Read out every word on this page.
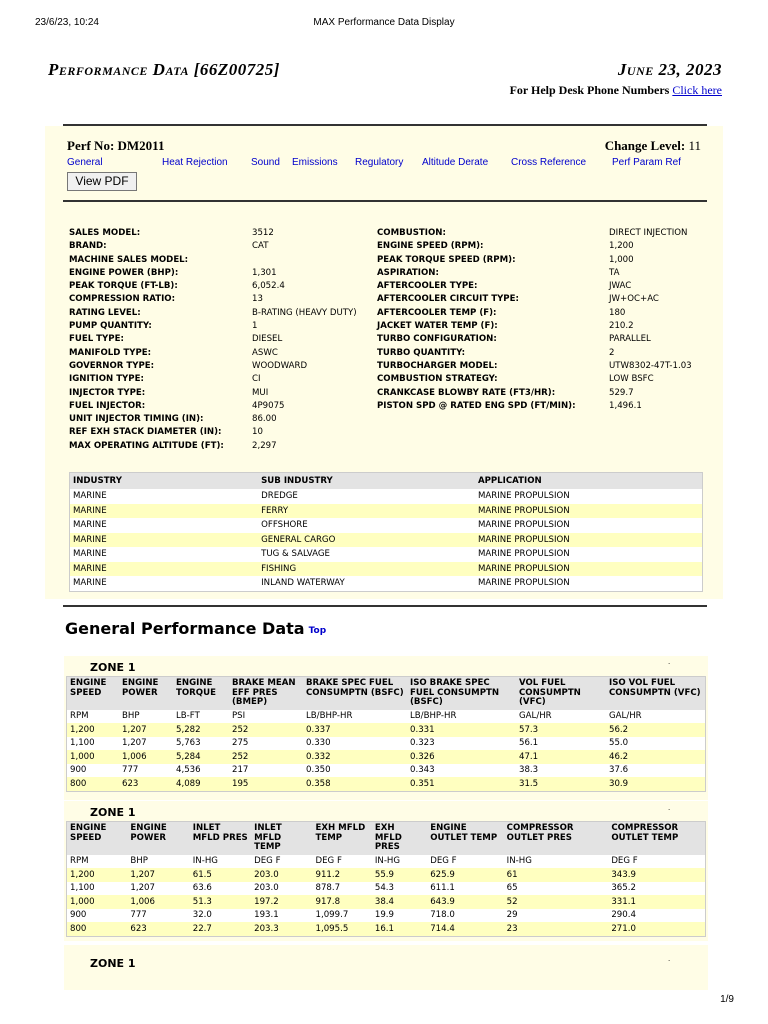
23/6/23, 10:24	MAX Performance Data Display
1/9
Performance Data [66Z00725]	June 23, 2023
For Help Desk Phone Numbers Click here
Perf No: DM2011	Change Level: 11
General	Heat Rejection Sound Emissions Regulatory Altitude Derate Cross Reference	Perf Param Ref
View PDF
SALES MODEL:	3512
BRAND:	CAT
MACHINE SALES MODEL:
ENGINE POWER (BHP):	1,301
PEAK TORQUE (FT-LB):	6,052.4
COMPRESSION RATIO:	13
RATING LEVEL:	B-RATING (HEAVY DUTY)
PUMP QUANTITY:	1
FUEL TYPE:	DIESEL
MANIFOLD TYPE:	ASWC
GOVERNOR TYPE:	WOODWARD
IGNITION TYPE:	CI
INJECTOR TYPE:	MUI
FUEL INJECTOR:	4P9075
UNIT INJECTOR TIMING (IN):	86.00
REF EXH STACK DIAMETER (IN):	10
MAX OPERATING ALTITUDE (FT):	2,297
COMBUSTION:	DIRECT INJECTION
ENGINE SPEED (RPM):	1,200
PEAK TORQUE SPEED (RPM):	1,000
ASPIRATION:	TA
AFTERCOOLER TYPE:	JWAC
AFTERCOOLER CIRCUIT TYPE:	JW+OC+AC
AFTERCOOLER TEMP (F):	180
JACKET WATER TEMP (F):	210.2
TURBO CONFIGURATION:	PARALLEL
TURBO QUANTITY:	2
TURBOCHARGER MODEL:	UTW8302-47T-1.03
COMBUSTION STRATEGY:	LOW BSFC
CRANKCASE BLOWBY RATE (FT3/HR):	529.7
PISTON SPD @ RATED ENG SPD (FT/MIN):	1,496.1
INDUSTRY	SUB INDUSTRY	APPLICATION
MARINE	DREDGE	MARINE PROPULSION
MARINE	FERRY	MARINE PROPULSION
MARINE	OFFSHORE	MARINE PROPULSION
MARINE	GENERAL CARGO	MARINE PROPULSION
MARINE	TUG & SALVAGE	MARINE PROPULSION
MARINE	FISHING	MARINE PROPULSION
MARINE	INLAND WATERWAY	MARINE PROPULSION
General Performance Data Top
ZONE 1	·
ENGINE SPEED	ENGINE POWER	ENGINE TORQUE	BRAKE MEAN EFF PRES (BMEP)	BRAKE SPEC FUEL CONSUMPTN (BSFC)	ISO BRAKE SPEC FUEL CONSUMPTN (BSFC)	VOL FUEL CONSUMPTN (VFC)	ISO VOL FUEL CONSUMPTN (VFC)
RPM	BHP	LB-FT	PSI	LB/BHP-HR	LB/BHP-HR	GAL/HR	GAL/HR
1,200	1,207	5,282	252	0.337	0.331	57.3	56.2
1,100	1,207	5,763	275	0.330	0.323	56.1	55.0
1,000	1,006	5,284	252	0.332	0.326	47.1	46.2
900	777	4,536	217	0.350	0.343	38.3	37.6
800	623	4,089	195	0.358	0.351	31.5	30.9
ZONE 1	·
ENGINE SPEED	ENGINE POWER	INLET MFLD PRES	INLET MFLD TEMP	EXH MFLD TEMP	EXH MFLD PRES	ENGINE OUTLET TEMP	COMPRESSOR OUTLET PRES	COMPRESSOR OUTLET TEMP
RPM	BHP	IN-HG	DEG F	DEG F	IN-HG	DEG F	IN-HG	DEG F
1,200	1,207	61.5	203.0	911.2	55.9	625.9	61	343.9
1,100	1,207	63.6	203.0	878.7	54.3	611.1	65	365.2
1,000	1,006	51.3	197.2	917.8	38.4	643.9	52	331.1
900	777	32.0	193.1	1,099.7	19.9	718.0	29	290.4
800	623	22.7	203.3	1,095.5	16.1	714.4	23	271.0
ZONE 1	·
